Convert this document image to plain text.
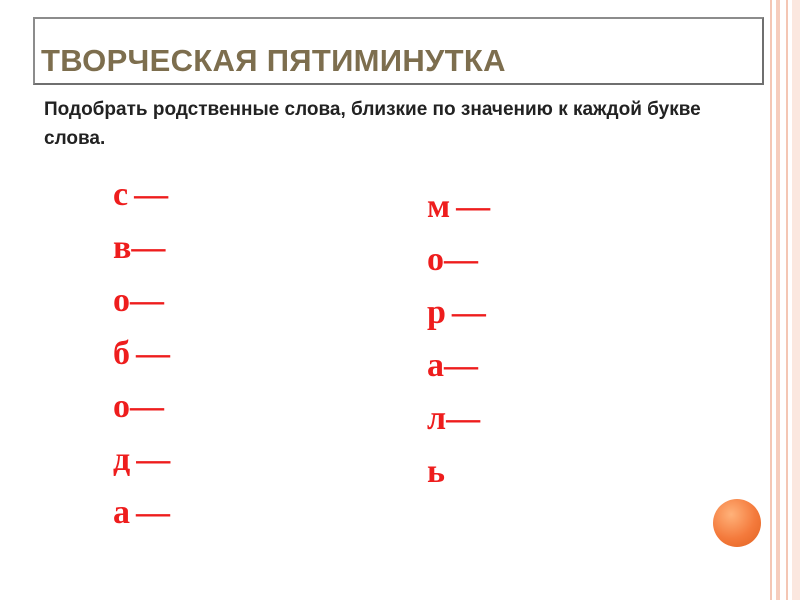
ТВОРЧЕСКАЯ ПЯТИМИНУТКА
Подобрать родственные слова, близкие по значению к каждой букве слова.
с —
в—
о—
б —
о—
д —
а —
м —
о—
р —
а—
л—
ь
